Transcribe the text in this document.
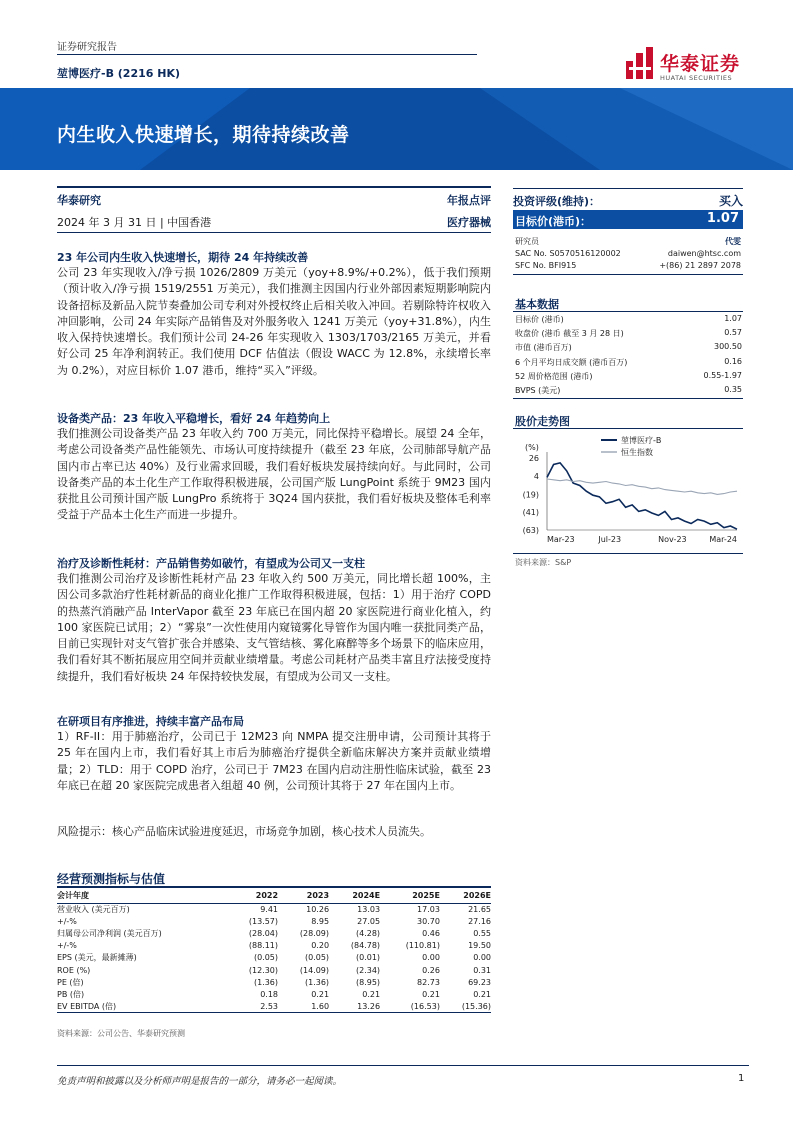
证券研究报告
堃博医疗-B (2216 HK)	华泰证券
HUATAI SECURITIES
内生收入快速增长，期待持续改善
华泰研究	年报点评
2024 年 3 月 31 日 | 中国香港	医疗器械
23 年公司内生收入快速增长，期待 24 年持续改善
公司 23 年实现收入/净亏损 1026/2809 万美元（yoy+8.9%/+0.2%），低于我们预期（预计收入/净亏损 1519/2551 万美元），我们推测主因国内行业外部因素短期影响院内设备招标及新品入院节奏叠加公司专利对外授权终止后相关收入冲回。若剔除特许权收入冲回影响，公司 24 年实际产品销售及对外服务收入 1241 万美元（yoy+31.8%），内生收入保持快速增长。我们预计公司 24-26 年实现收入 1303/1703/2165 万美元，并看好公司 25 年净利润转正。我们使用 DCF 估值法（假设 WACC 为 12.8%，永续增长率为 0.2%），对应目标价 1.07 港币，维持“买入”评级。
设备类产品：23 年收入平稳增长，看好 24 年趋势向上
我们推测公司设备类产品 23 年收入约 700 万美元，同比保持平稳增长。展望 24 全年，考虑公司设备类产品性能领先、市场认可度持续提升（截至 23 年底，公司肺部导航产品国内市占率已达 40%）及行业需求回暖，我们看好板块发展持续向好。与此同时，公司设备类产品的本土化生产工作取得积极进展，公司国产版 LungPoint 系统于 9M23 国内获批且公司预计国产版 LungPro 系统将于 3Q24 国内获批，我们看好板块及整体毛利率受益于产品本土化生产而进一步提升。
治疗及诊断性耗材：产品销售势如破竹，有望成为公司又一支柱
我们推测公司治疗及诊断性耗材产品 23 年收入约 500 万美元，同比增长超 100%，主因公司多款治疗性耗材新品的商业化推广工作取得积极进展，包括：1）用于治疗 COPD 的热蒸汽消融产品 InterVapor 截至 23 年底已在国内超 20 家医院进行商业化植入，约 100 家医院已试用；2）“雾泉”一次性使用内窥镜雾化导管作为国内唯一获批同类产品，目前已实现针对支气管扩张合并感染、支气管结核、雾化麻醉等多个场景下的临床应用，我们看好其不断拓展应用空间并贡献业绩增量。考虑公司耗材产品类丰富且疗法接受度持续提升，我们看好板块 24 年保持较快发展，有望成为公司又一支柱。
在研项目有序推进，持续丰富产品布局
1）RF-II：用于肺癌治疗，公司已于 12M23 向 NMPA 提交注册申请，公司预计其将于 25 年在国内上市，我们看好其上市后为肺癌治疗提供全新临床解决方案并贡献业绩增量；2）TLD：用于 COPD 治疗，公司已于 7M23 在国内启动注册性临床试验，截至 23 年底已在超 20 家医院完成患者入组超 40 例，公司预计其将于 27 年在国内上市。
风险提示：核心产品临床试验进度延迟，市场竞争加剧，核心技术人员流失。
投资评级(维持)：	买入
目标价(港币)：	1.07
研究员	代雯
SAC No. S0570516120002	daiwen@htsc.com
SFC No. BFI915	+(86) 21 2897 2078
基本数据
目标价 (港币)	1.07
收盘价 (港币 截至 3 月 28 日)	0.57
市值 (港币百万)	300.50
6 个月平均日成交额 (港币百万)	0.16
52 周价格范围 (港币)	0.55-1.97
BVPS (美元)	0.35
股价走势图
(%)
26
4
(19)
(41)
(63)
Mar-23	Jul-23	Nov-23	Mar-24
堃博医疗-B
恒生指数
资料来源：S&P
经营预测指标与估值
会计年度	2022	2023	2024E	2025E	2026E
营业收入 (美元百万)	9.41	10.26	13.03	17.03	21.65
+/-%	(13.57)	8.95	27.05	30.70	27.16
归属母公司净利润 (美元百万)	(28.04)	(28.09)	(4.28)	0.46	0.55
+/-%	(88.11)	0.20	(84.78)	(110.81)	19.50
EPS (美元，最新摊薄)	(0.05)	(0.05)	(0.01)	0.00	0.00
ROE (%)	(12.30)	(14.09)	(2.34)	0.26	0.31
PE (倍)	(1.36)	(1.36)	(8.95)	82.73	69.23
PB (倍)	0.18	0.21	0.21	0.21	0.21
EV EBITDA (倍)	2.53	1.60	13.26	(16.53)	(15.36)
资料来源：公司公告、华泰研究预测
免责声明和披露以及分析师声明是报告的一部分，请务必一起阅读。	1
